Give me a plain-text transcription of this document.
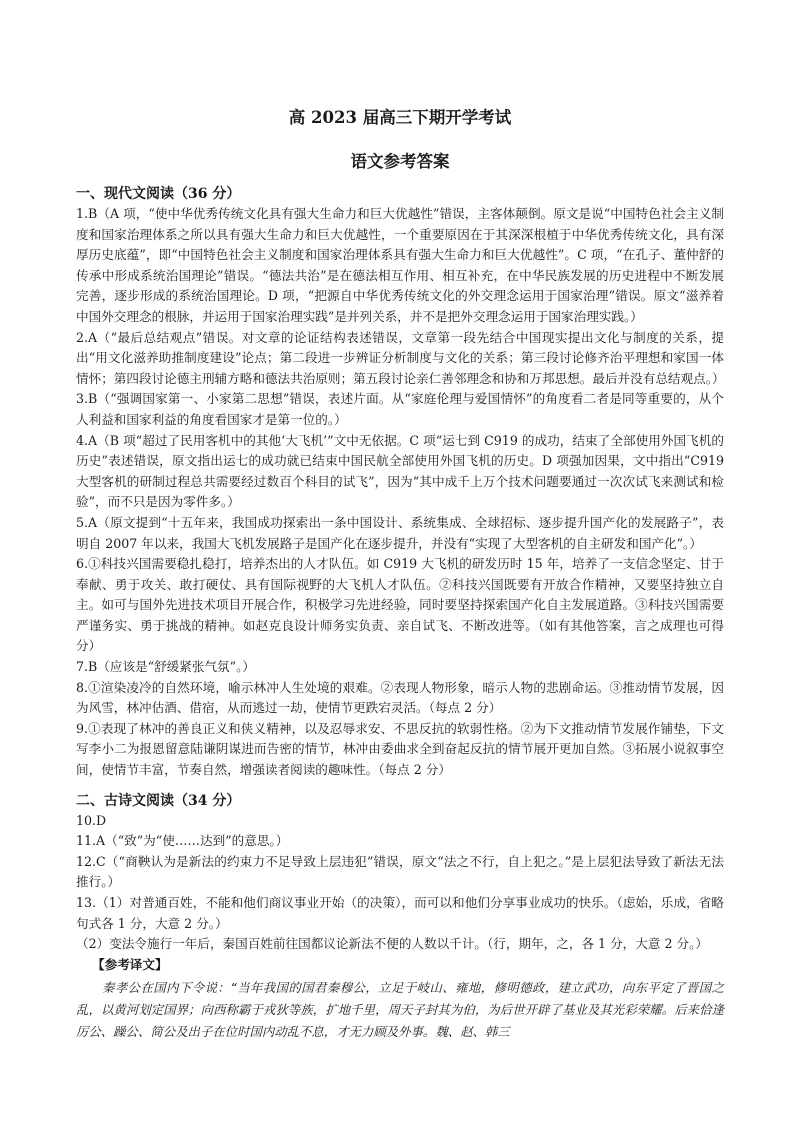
高 2023 届高三下期开学考试
语文参考答案
一、现代文阅读（36 分）

1.B（A 项，“使中华优秀传统文化具有强大生命力和巨大优越性”错误，主客体颠倒。原文是说“中国特色社会主义制度和国家治理体系之所以具有强大生命力和巨大优越性，一个重要原因在于其深深根植于中华优秀传统文化，具有深厚历史底蕴”，即“中国特色社会主义制度和国家治理体系具有强大生命力和巨大优越性”。C 项，“在孔子、董仲舒的传承中形成系统治国理论”错误。“德法共治”是在德法相互作用、相互补充，在中华民族发展的历史进程中不断发展完善，逐步形成的系统治国理论。D 项，“把源自中华优秀传统文化的外交理念运用于国家治理”错误。原文“滋养着中国外交理念的根脉，并运用于国家治理实践”是并列关系，并不是把外交理念运用于国家治理实践。）

2.A（“最后总结观点”错误。对文章的论证结构表述错误，文章第一段先结合中国现实提出文化与制度的关系，提出“用文化滋养助推制度建设”论点；第二段进一步辨证分析制度与文化的关系；第三段讨论修齐治平理想和家国一体情怀；第四段讨论德主刑辅方略和德法共治原则；第五段讨论亲仁善邻理念和协和万邦思想。最后并没有总结观点。）

3.B（“强调国家第一、小家第二思想”错误，表述片面。从“家庭伦理与爱国情怀”的角度看二者是同等重要的，从个人利益和国家利益的角度看国家才是第一位的。）

4.A（B 项“超过了民用客机中的其他‘大飞机’”文中无依据。C 项“运七到 C919 的成功，结束了全部使用外国飞机的历史”表述错误，原文指出运七的成功就已结束中国民航全部使用外国飞机的历史。D 项强加因果，文中指出“C919 大型客机的研制过程总共需要经过数百个科目的试飞”，因为“其中成千上万个技术问题要通过一次次试飞来测试和检验”，而不只是因为零件多。）

5.A（原文提到“十五年来，我国成功探索出一条中国设计、系统集成、全球招标、逐步提升国产化的发展路子”，表明自 2007 年以来，我国大飞机发展路子是国产化在逐步提升，并没有“实现了大型客机的自主研发和国产化”。）

6.①科技兴国需要稳扎稳打，培养杰出的人才队伍。如 C919 大飞机的研发历时 15 年，培养了一支信念坚定、甘于奉献、勇于攻关、敢打硬仗、具有国际视野的大飞机人才队伍。②科技兴国既要有开放合作精神，又要坚持独立自主。如可与国外先进技术项目开展合作，积极学习先进经验，同时要坚持探索国产化自主发展道路。③科技兴国需要严谨务实、勇于挑战的精神。如赵克良设计师务实负责、亲自试飞、不断改进等。（如有其他答案，言之成理也可得分）

7.B（应该是“舒缓紧张气氛”。）

8.①渲染凌冷的自然环境，喻示林冲人生处境的艰难。②表现人物形象，暗示人物的悲剧命运。③推动情节发展，因为风雪，林冲估酒、借宿，从而逃过一劫，使情节更跌宕灵活。（每点 2 分）

9.①表现了林冲的善良正义和侠义精神，以及忍辱求安、不思反抗的软弱性格。②为下文推动情节发展作铺垫，下文写李小二为报恩留意陆谦阴谋进而告密的情节，林冲由委曲求全到奋起反抗的情节展开更加自然。③拓展小说叙事空间，使情节丰富，节奏自然，增强读者阅读的趣味性。（每点 2 分）

二、古诗文阅读（34 分）

10.D

11.A（“致”为“使……达到”的意思。）

12.C（“商鞅认为是新法的约束力不足导致上层违犯”错误，原文“法之不行，自上犯之。”是上层犯法导致了新法无法推行。）

13.（1）对普通百姓，不能和他们商议事业开始（的决策），而可以和他们分享事业成功的快乐。（虑始，乐成，省略句式各 1 分，大意 2 分。）

（2）变法令施行一年后，秦国百姓前往国都议论新法不便的人数以千计。（行，期年，之，各 1 分，大意 2 分。）

【参考译文】

秦孝公在国内下令说：“当年我国的国君秦穆公，立足于岐山、雍地，修明德政，建立武功，向东平定了晋国之乱，以黄河划定国界；向西称霸于戎狄等族，扩地千里，周天子封其为伯，为后世开辟了基业及其光彩荣耀。后来恰逢厉公、躁公、简公及出子在位时国内动乱不息，才无力顾及外事。魏、赵、韩三
